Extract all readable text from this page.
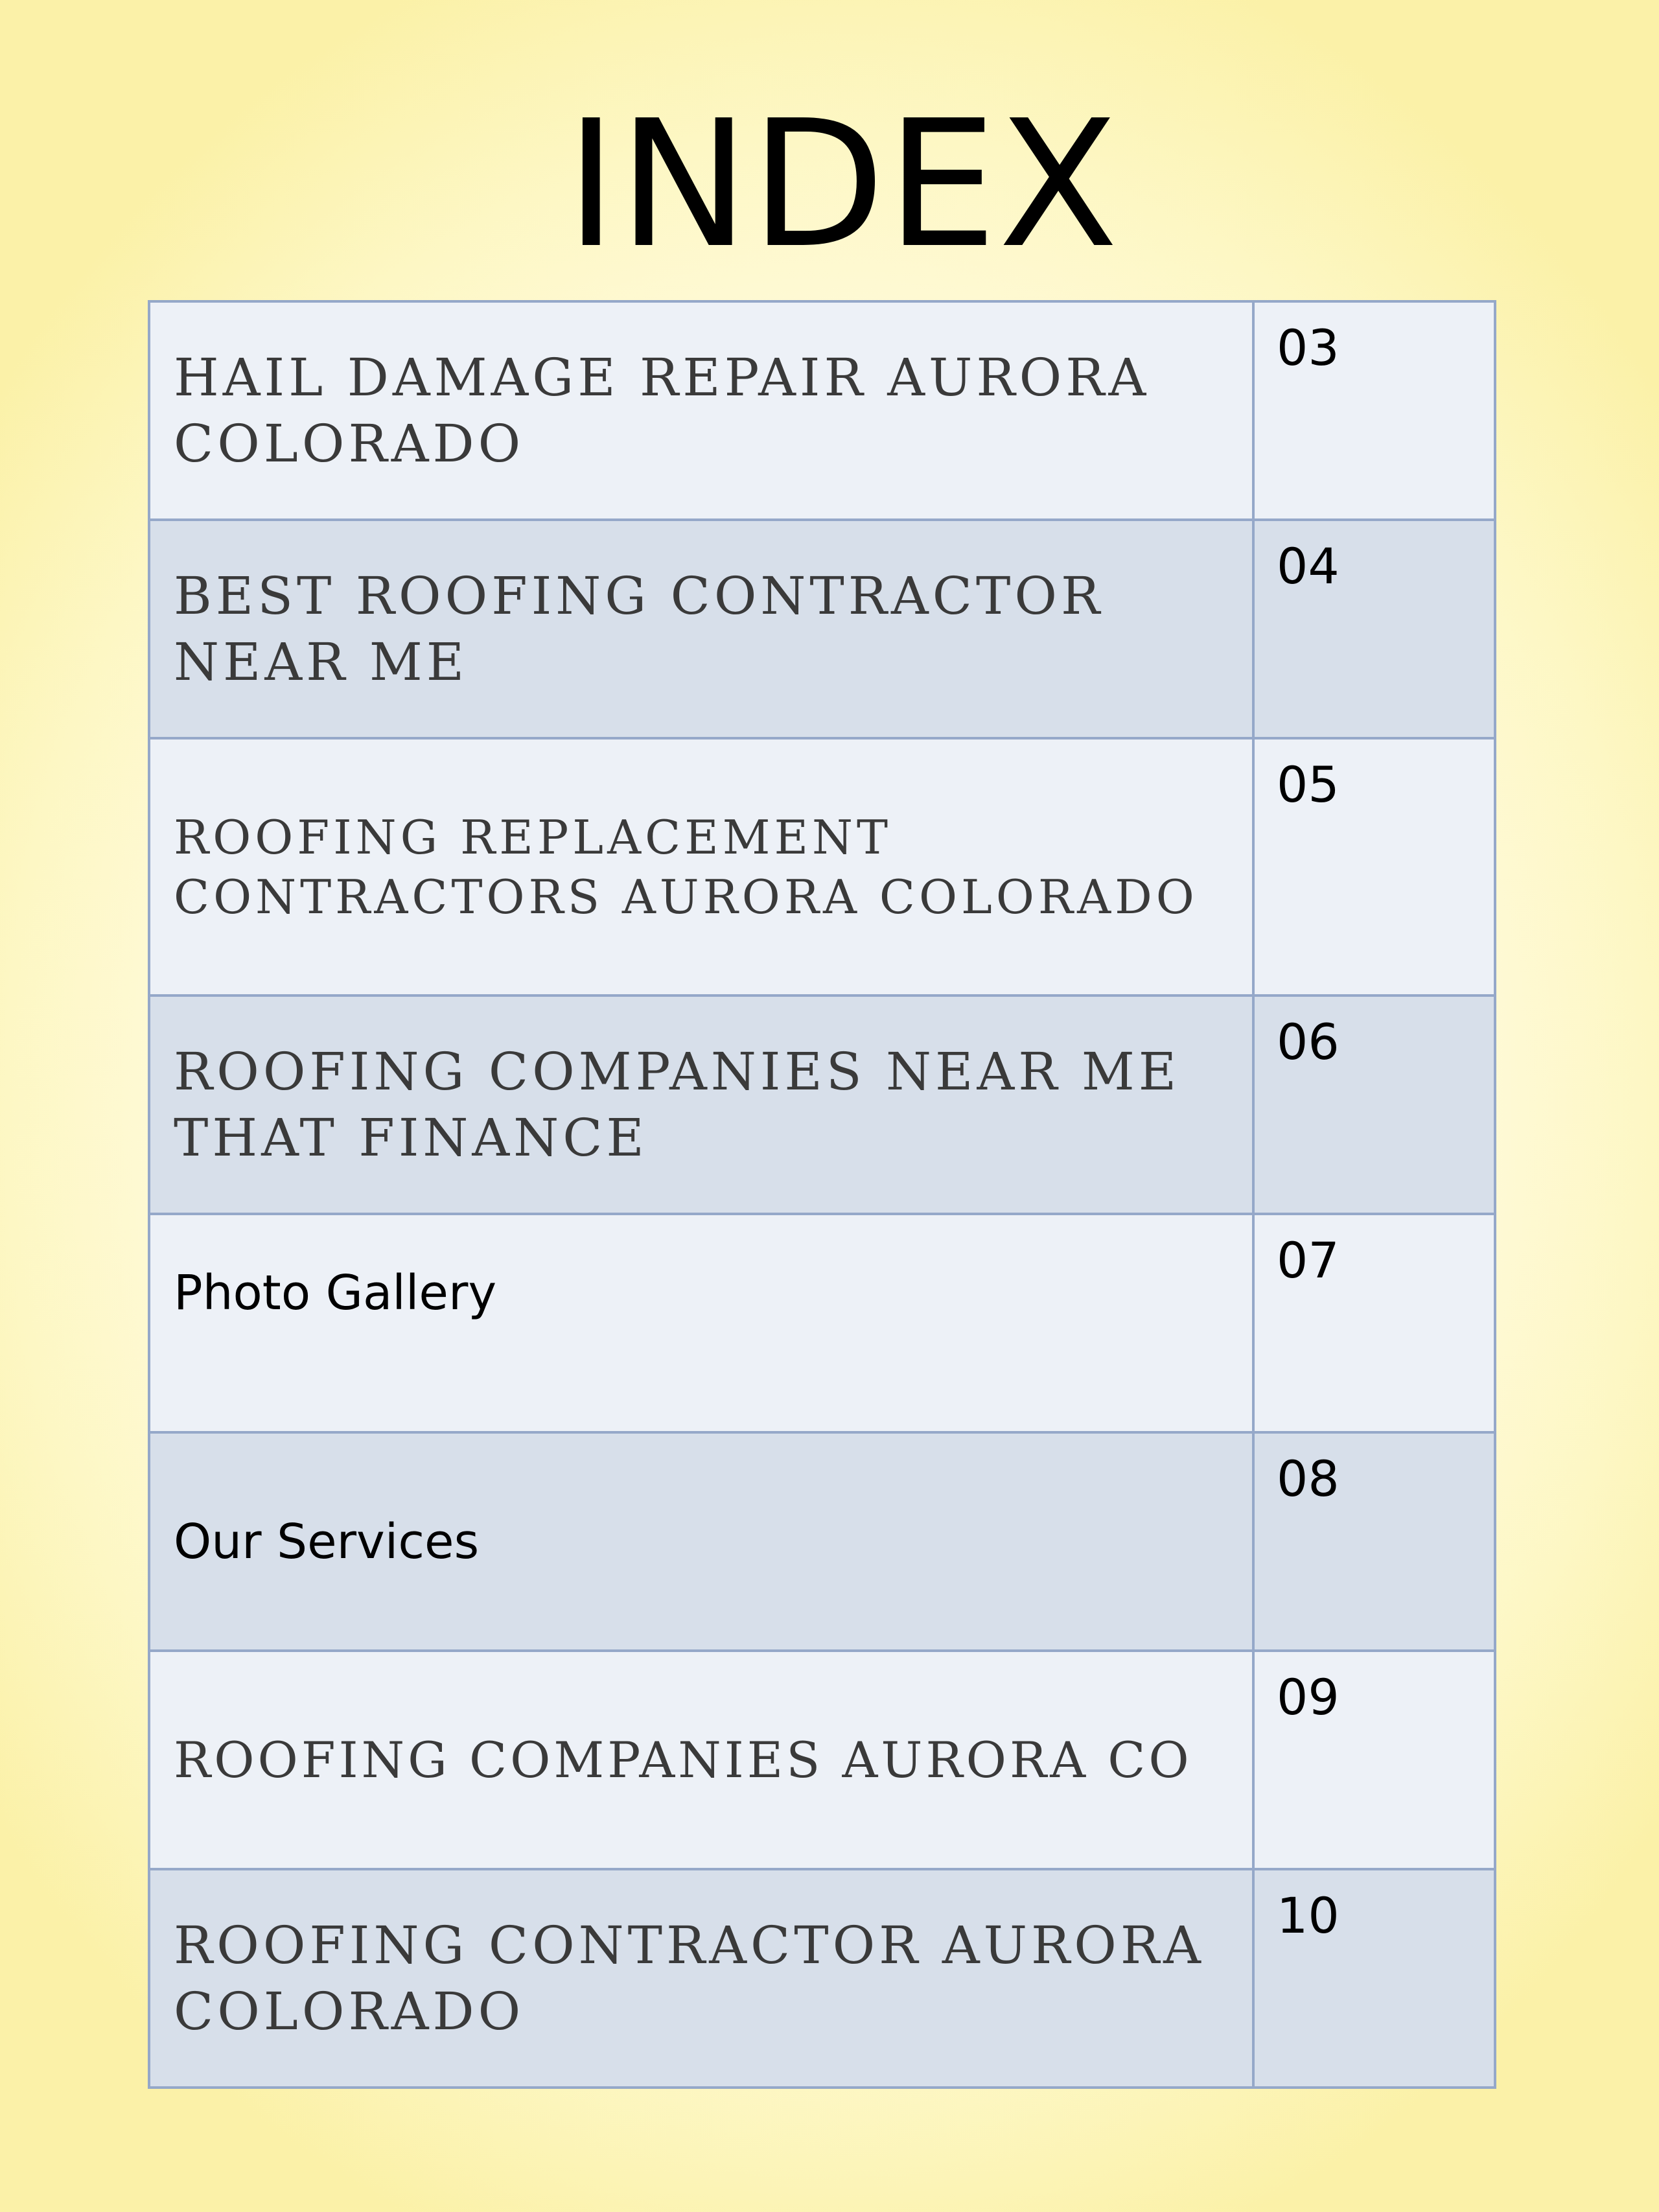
INDEX
HAIL DAMAGE REPAIR AURORA COLORADO	03

BEST ROOFING CONTRACTOR NEAR ME	04

ROOFING REPLACEMENT CONTRACTORS AURORA COLORADO	05

ROOFING COMPANIES NEAR ME THAT FINANCE	06

Photo Gallery	07

Our Services	08

ROOFING COMPANIES AURORA CO	09

ROOFING CONTRACTOR AURORA COLORADO	10
